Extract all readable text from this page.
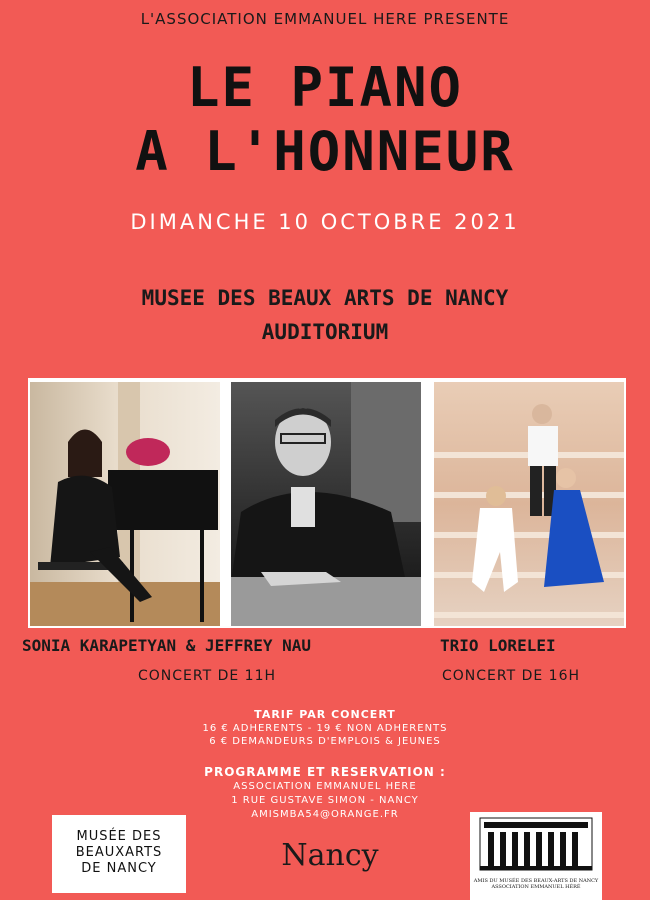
L'ASSOCIATION EMMANUEL HERE PRESENTE
LE PIANO
A L'HONNEUR
DIMANCHE 10 OCTOBRE 2021
MUSEE DES BEAUX ARTS DE NANCY
AUDITORIUM
SONIA KARAPETYAN & JEFFREY NAU	TRIO LORELEI
CONCERT DE 11H	CONCERT DE 16H
TARIF PAR CONCERT
16 € ADHERENTS - 19 € NON ADHERENTS
6 € DEMANDEURS D'EMPLOIS & JEUNES
PROGRAMME ET RESERVATION :
ASSOCIATION EMMANUEL HERE
1 RUE GUSTAVE SIMON - NANCY
AMISMBA54@ORANGE.FR
MUSÉE DES
BEAUXARTS
DE NANCY	Nancy
AMIS DU MUSÉE DES BEAUX-ARTS DE NANCY
ASSOCIATION EMMANUEL HÉRÉ
